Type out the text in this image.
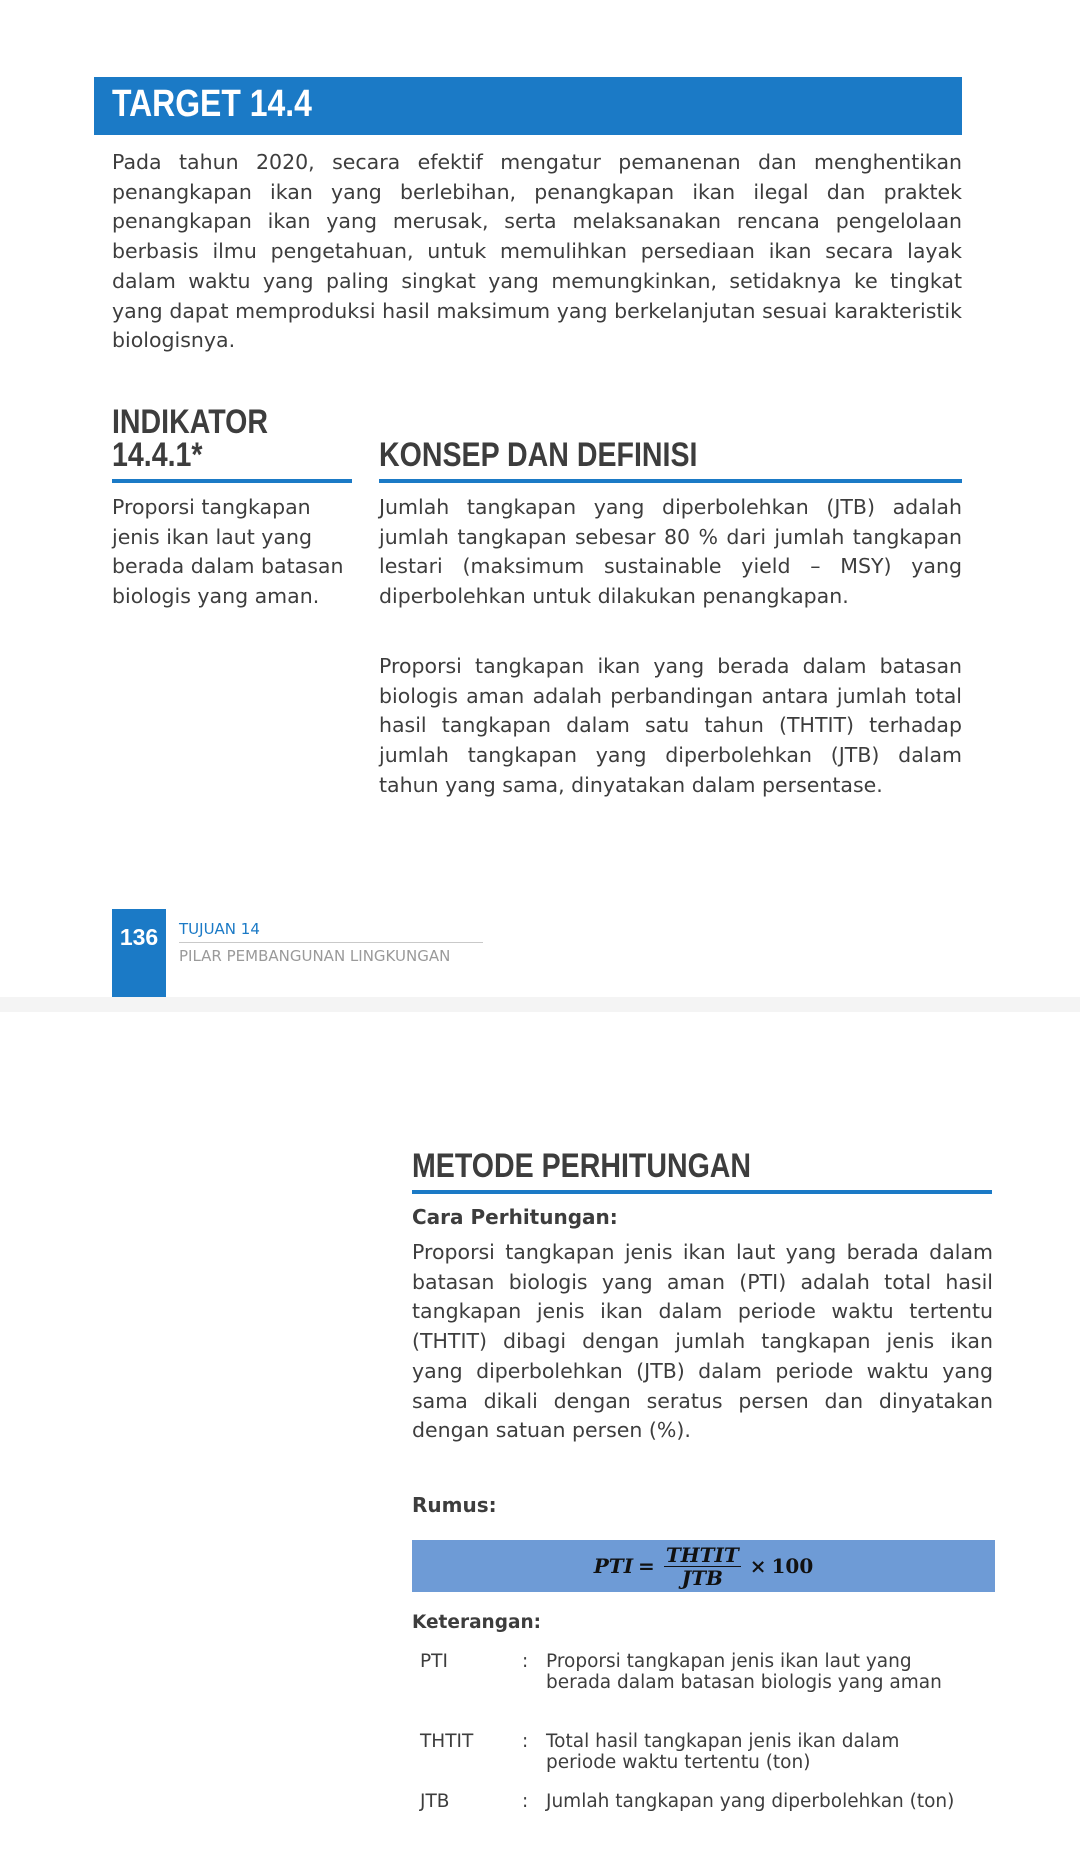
TARGET 14.4

Pada tahun 2020, secara efektif mengatur pemanenan dan menghentikan penangkapan ikan yang berlebihan, penangkapan ikan ilegal dan praktek penangkapan ikan yang merusak, serta melaksanakan rencana pengelolaan berbasis ilmu pengetahuan, untuk memulihkan persediaan ikan secara layak dalam waktu yang paling singkat yang memungkinkan, setidaknya ke tingkat yang dapat memproduksi hasil maksimum yang berkelanjutan sesuai karakteristik biologisnya.

INDIKATOR
14.4.1*

Proporsi tangkapan jenis ikan laut yang berada dalam batasan biologis yang aman.

KONSEP DAN DEFINISI

Jumlah tangkapan yang diperbolehkan (JTB) adalah jumlah tangkapan sebesar 80 % dari jumlah tangkapan lestari (maksimum sustainable yield – MSY) yang diperbolehkan untuk dilakukan penangkapan.

Proporsi tangkapan ikan yang berada dalam batasan biologis aman adalah perbandingan antara jumlah total hasil tangkapan dalam satu tahun (THTIT) terhadap jumlah tangkapan yang diperbolehkan (JTB) dalam tahun yang sama, dinyatakan dalam persentase.

136	TUJUAN 14
PILAR PEMBANGUNAN LINGKUNGAN
METODE PERHITUNGAN
Cara Perhitungan:

Proporsi tangkapan jenis ikan laut yang berada dalam batasan biologis yang aman (PTI) adalah total hasil tangkapan jenis ikan dalam periode waktu tertentu (THTIT) dibagi dengan jumlah tangkapan jenis ikan yang diperbolehkan (JTB) dalam periode waktu yang sama dikali dengan seratus persen dan dinyatakan dengan satuan persen (%).

Rumus:
PTI = $\frac{\text{THTIT}}{\text{JTB}} \times 100$
Keterangan:
PTI	: Proporsi tangkapan jenis ikan laut yang berada dalam batasan biologis yang aman
THTIT	: Total hasil tangkapan jenis ikan dalam periode waktu tertentu (ton)
JTB	: Jumlah tangkapan yang diperbolehkan (ton)
